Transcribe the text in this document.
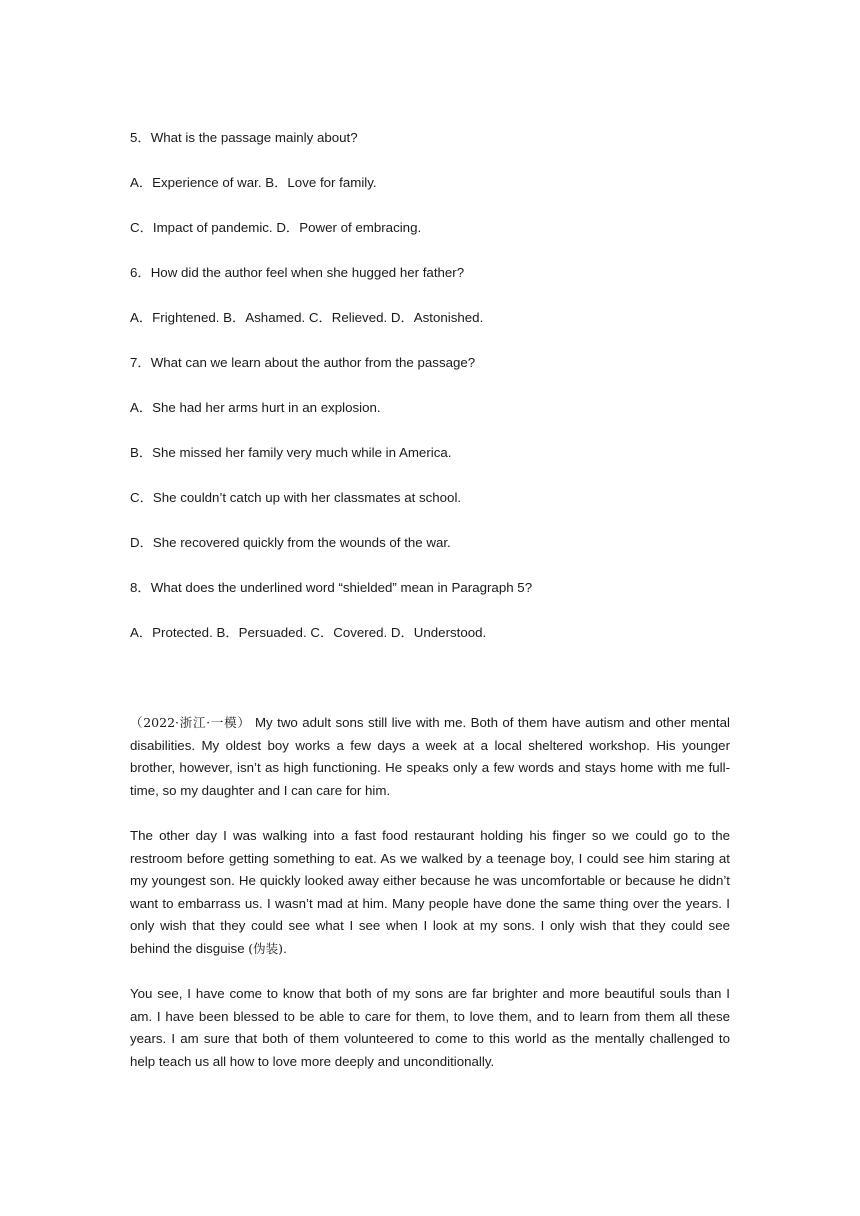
5．What is the passage mainly about?
A．Experience of war. B．Love for family.
C．Impact of pandemic. D．Power of embracing.
6．How did the author feel when she hugged her father?
A．Frightened. B．Ashamed. C．Relieved. D．Astonished.
7．What can we learn about the author from the passage?
A．She had her arms hurt in an explosion.
B．She missed her family very much while in America.
C．She couldn’t catch up with her classmates at school.
D．She recovered quickly from the wounds of the war.
8．What does the underlined word “shielded” mean in Paragraph 5?
A．Protected. B．Persuaded. C．Covered. D．Understood.

（2022·浙江·一模） My two adult sons still live with me. Both of them have autism and other mental disabilities. My oldest boy works a few days a week at a local sheltered workshop. His younger brother, however, isn’t as high functioning. He speaks only a few words and stays home with me full-time, so my daughter and I can care for him.

The other day I was walking into a fast food restaurant holding his finger so we could go to the restroom before getting something to eat. As we walked by a teenage boy, I could see him staring at my youngest son. He quickly looked away either because he was uncomfortable or because he didn’t want to embarrass us. I wasn’t mad at him. Many people have done the same thing over the years. I only wish that they could see what I see when I look at my sons. I only wish that they could see behind the disguise (伪装).

You see, I have come to know that both of my sons are far brighter and more beautiful souls than I am. I have been blessed to be able to care for them, to love them, and to learn from them all these years. I am sure that both of them volunteered to come to this world as the mentally challenged to help teach us all how to love more deeply and unconditionally.
